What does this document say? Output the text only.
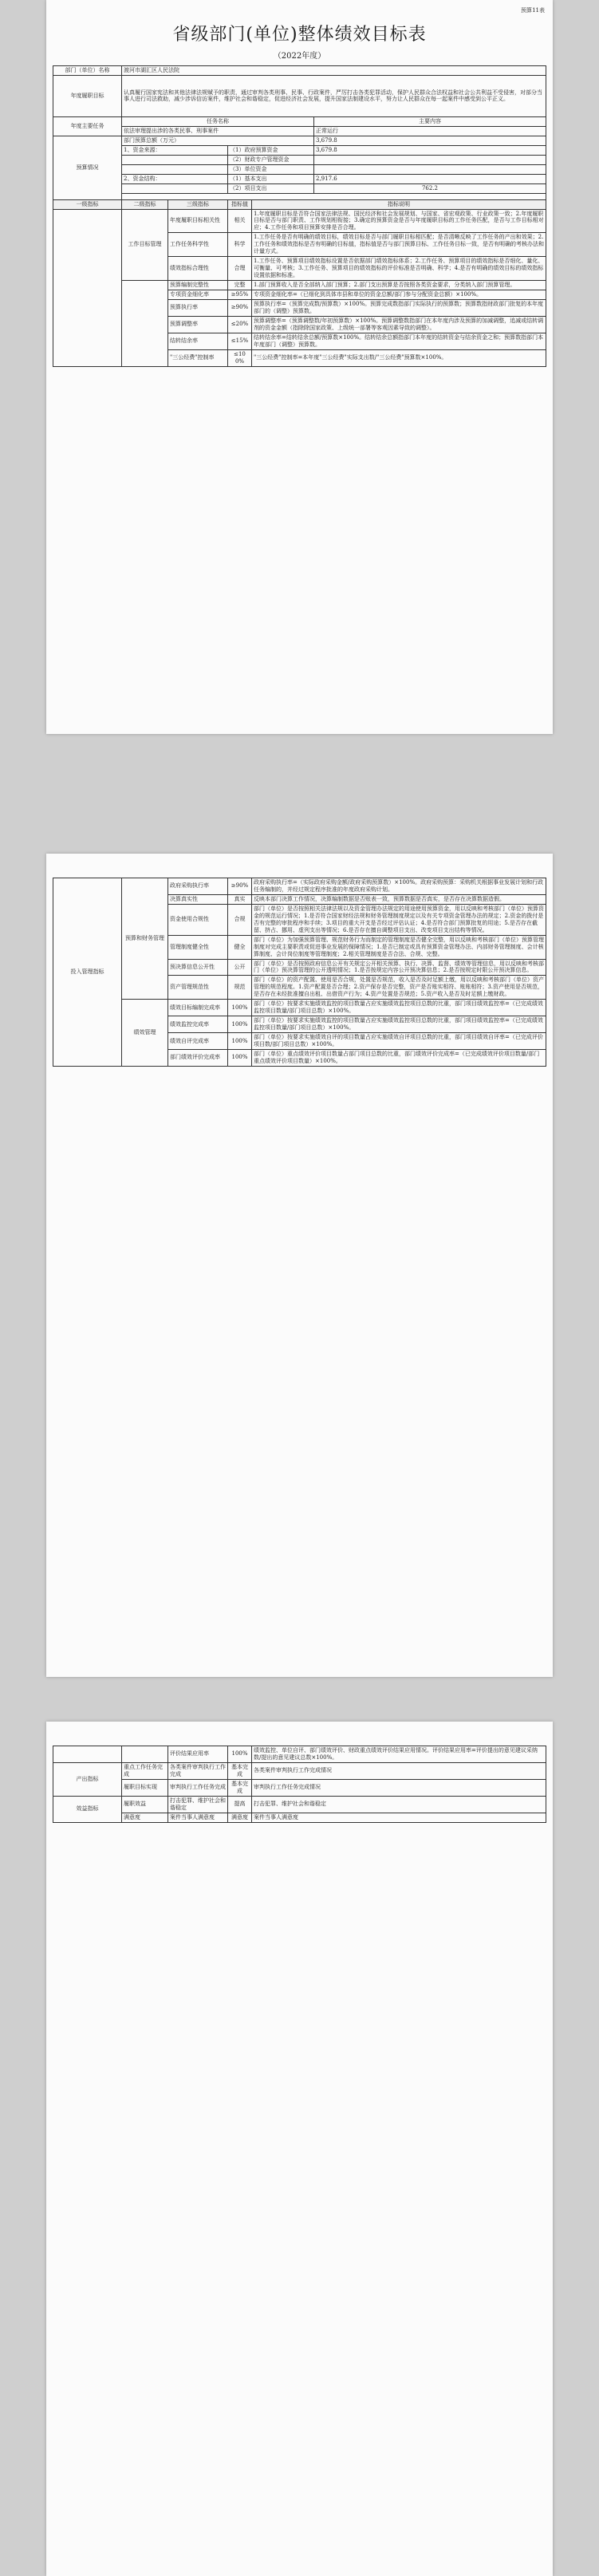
预算11表
省级部门(单位)整体绩效目标表
（2022年度）
部门（单位）名称	渡河市湖汇区人民法院		
年度履职目标	认真履行国家宪法和其他法律法规赋予的职责，通过审判各类刑事、民事、行政案件，严厉打击各类犯罪活动，保护人民群众合法权益和社会公共利益不受侵害，对部分当事人进行司法救助，减少涉诉信访案件，维护社会和谐稳定，促进经济社会发展，提升国家法制建设水平，努力让人民群众在每一起案件中感受到公平正义。		
年度主要任务	任务名称		主要内容
	依法审理提出涉的各类民事、刑事案件		正常运行
预算情况	部门预算总额（万元）		3,679.8
	1、资金来源：	（1）政府预算资金	3,679.8
		（2）财政专户管理资金	
		（3）单位资金	
	2、资金结构：	（1）基本支出	2,917.6
		（2）项目支出	762.2

一级指标	二级指标	三级指标	指标值	指标说明
	工作目标管理	年度履职目标相关性	相关	1.年度履职目标是否符合国家法律法规、国民经济和社会发展规划、与国家、省宏观政策、行业政策一致；2.年度履职目标是否与部门职责、工作规划相衔接；3.确定的预算资金是否与年度履职目标的工作任务匹配，是否与工作目标相对应；4.工作任务和项目预算安排是否合理。
		工作任务科学性	科学	1.工作任务是否有明确的绩效目标，绩效目标是否与部门履职目标相匹配；是否清晰反映了工作任务的产出和效果；2.工作任务和绩效指标是否有明确的目标值，指标值是否与部门预算目标、工作任务目标一致，是否有明确的考核办法和计量方式。
		绩效指标合理性	合理	1.工作任务、预算项目绩效指标设置是否依据部门绩效指标体系；2.工作任务、预算项目的绩效指标是否细化、量化、可衡量、可考核；3.工作任务、预算项目的绩效指标的评价标准是否明确、科学；4.是否有明确的绩效目标的绩效指标设置依据和标准。
		预算编制完整性	完整	1.部门预算收入是否全部纳入部门预算；2.部门支出预算是否按照各类资金要求，分类纳入部门预算管理。
		专项资金细化率	≥95%	专项资金细化率=（已细化到具体市县和单位的资金总额/部门参与分配资金总额）×100%。
		预算执行率	≥90%	预算执行率=（预算完成数/预算数）×100%。预算完成数指部门实际执行的预算数；预算数指财政部门批复的本年度部门的（调整）预算数。
		预算调整率	≤20%	预算调整率=（预算调整数/年初预算数）×100%。预算调整数指部门在本年度内涉及预算的加减调整，追减或结转调剂的资金金额（指除除国家政策、上级统一部署等客观因素导致的调整）。
		结转结余率	≤15%	结转结余率=结转结余总额/预算数×100%。结转结余总额指部门本年度的结转资金与结余资金之和；预算数指部门本年度部门（调整）预算数。
		"三公经费"控制率	≤100%	"三公经费"控制率=本年度"三公经费"实际支出数/"三公经费"预算数×100%。
投入管理指标	预算和财务管理	政府采购执行率	≥90%	政府采购执行率=（实际政府采购金额/政府采购预算数）×100%。政府采购预算：采购机关根据事业发展计划和行政任务编制的，并经过规定程序批准的年度政府采购计划。
		决算真实性	真实	反映本部门决算工作情况，决算编制数据是否账表一致，预算数据是否真实，是否存在决算数据造假。
		资金使用合规性	合规	部门（单位）是否按照相关法律法规以及资金管理办法规定的用途使用预算资金，用以反映和考核部门（单位）预算资金的规范运行情况；1.是否符合国家财经法规和财务管理制度规定以及有关专项资金管理办法的规定；2.资金的拨付是否有完整的审批程序和手续；3.项目的重大开支是否经过评估认证；4.是否符合部门预算批复的用途；5.是否存在截留、挤占、挪用、虚列支出等情况；6.是否存在擅自调整项目支出、改变项目支出结构等情况。
		管理制度健全性	健全	部门（单位）为加强预算管理、规范财务行为而制定的管理制度是否健全完整，用以反映和考核部门（单位）预算管理制度对完成主要职责或促进事业发展的保障情况；1.是否已制定或具有预算资金管理办法、内部财务管理制度、会计核算制度、会计岗位制度等管理制度；2.相关管理制度是否合法、合规、完整。
		预决算信息公开性	公开	部门（单位）是否按照政府信息公开有关规定公开相关预算、执行、决算、监督、绩效等管理信息，用以反映和考核部门（单位）预决算管理的公开透明情况；1.是否按规定内容公开预决算信息；2.是否按规定时限公开预决算信息。
		资产管理规范性	规范	部门（单位）的资产配置、使用是否合规，处置是否规范，收入是否及时足额上缴，用以反映和考核部门（单位）资产管理的规范程度。1.资产配置是否合理；2.资产保存是否完整，资产是否账实相符、账账相符；3.资产使用是否规范，是否存在未经批准擅自出租、出借资产行为；4.资产处置是否规范；5.资产收入是否及时足额上缴财政。
	绩效管理	绩效目标编制完成率	100%	部门（单位）按要求实施绩效监控的项目数量占应实施绩效监控项目总数的比重，部门项目绩效监控率=（已完成绩效监控项目数量/部门项目总数）×100%。
		绩效监控完成率	100%	部门（单位）按要求实施绩效监控的项目数量占应实施绩效监控项目总数的比重，部门项目绩效监控率=（已完成绩效监控项目数量/部门项目总数）×100%。
		绩效自评完成率	100%	部门（单位）按要求实施绩效自评的项目数量占应实施绩效自评项目总数的比重，部门项目绩效自评率=（已完成评价项目数/部门项目总数）×100%。
		部门绩效评价完成率	100%	部门（单位）重点绩效评价项目数量占部门项目总数的比重，部门绩效评价完成率=（已完成绩效评价项目数量/部门重点绩效评价项目数量）×100%。
		评价结果应用率	100%	绩效监控、单位自评、部门绩效评价、财政重点绩效评价结果应用情况。评价结果应用率=评价提出的意见建议采纳数/提出的意见建议总数×100%。
产出指标	重点工作任务完成	各类案件审判执行工作完成	基本完成	各类案件审判执行工作完成情况
	履职目标实现	审判执行工作任务完成	基本完成	审判执行工作任务完成情况
效益指标	履职效益	打击犯罪、维护社会和谐稳定	提高	打击犯罪、维护社会和谐稳定
	满意度	案件当事人满意度	满意度	案件当事人满意度
